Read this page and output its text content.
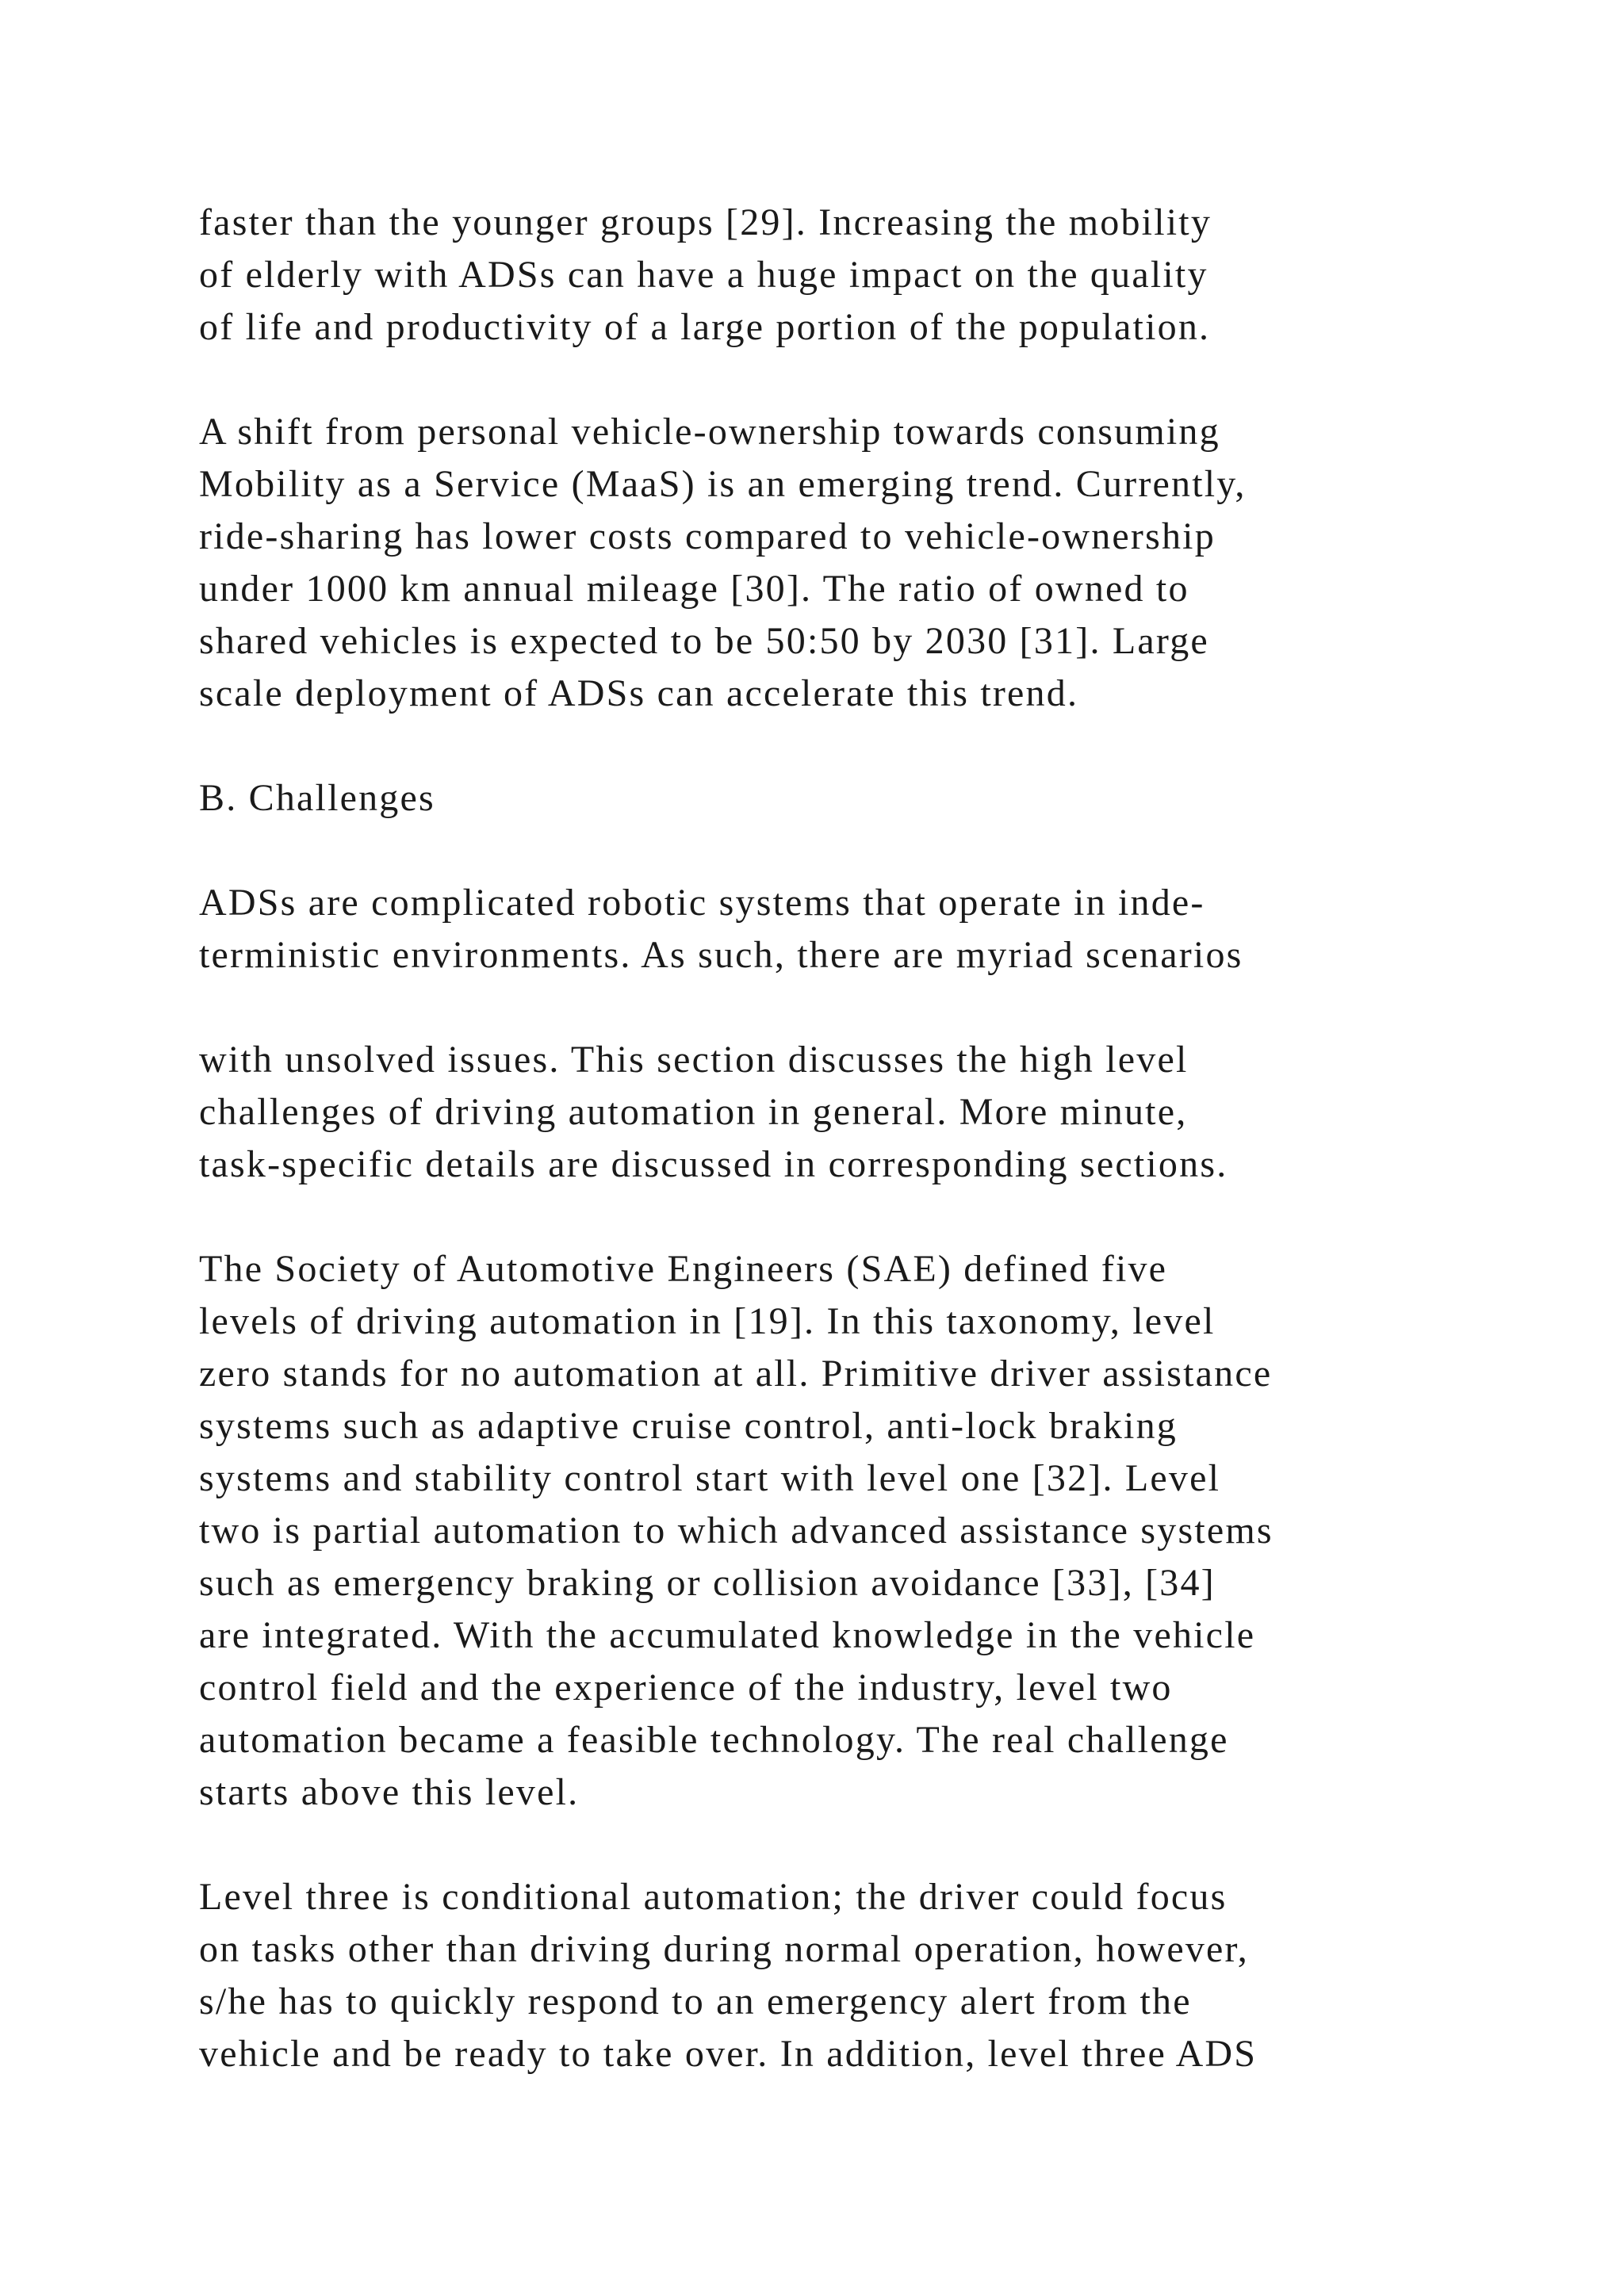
faster than the younger groups [29]. Increasing the mobility
of elderly with ADSs can have a huge impact on the quality
of life and productivity of a large portion of the population.

A shift from personal vehicle-ownership towards consuming
Mobility as a Service (MaaS) is an emerging trend. Currently,
ride-sharing has lower costs compared to vehicle-ownership
under 1000 km annual mileage [30]. The ratio of owned to
shared vehicles is expected to be 50:50 by 2030 [31]. Large
scale deployment of ADSs can accelerate this trend.

B. Challenges

ADSs are complicated robotic systems that operate in inde-
terministic environments. As such, there are myriad scenarios

with unsolved issues. This section discusses the high level
challenges of driving automation in general. More minute,
task-specific details are discussed in corresponding sections.

The Society of Automotive Engineers (SAE) defined five
levels of driving automation in [19]. In this taxonomy, level
zero stands for no automation at all. Primitive driver assistance
systems such as adaptive cruise control, anti-lock braking
systems and stability control start with level one [32]. Level
two is partial automation to which advanced assistance systems
such as emergency braking or collision avoidance [33], [34]
are integrated. With the accumulated knowledge in the vehicle
control field and the experience of the industry, level two
automation became a feasible technology. The real challenge
starts above this level.

Level three is conditional automation; the driver could focus
on tasks other than driving during normal operation, however,
s/he has to quickly respond to an emergency alert from the
vehicle and be ready to take over. In addition, level three ADS
